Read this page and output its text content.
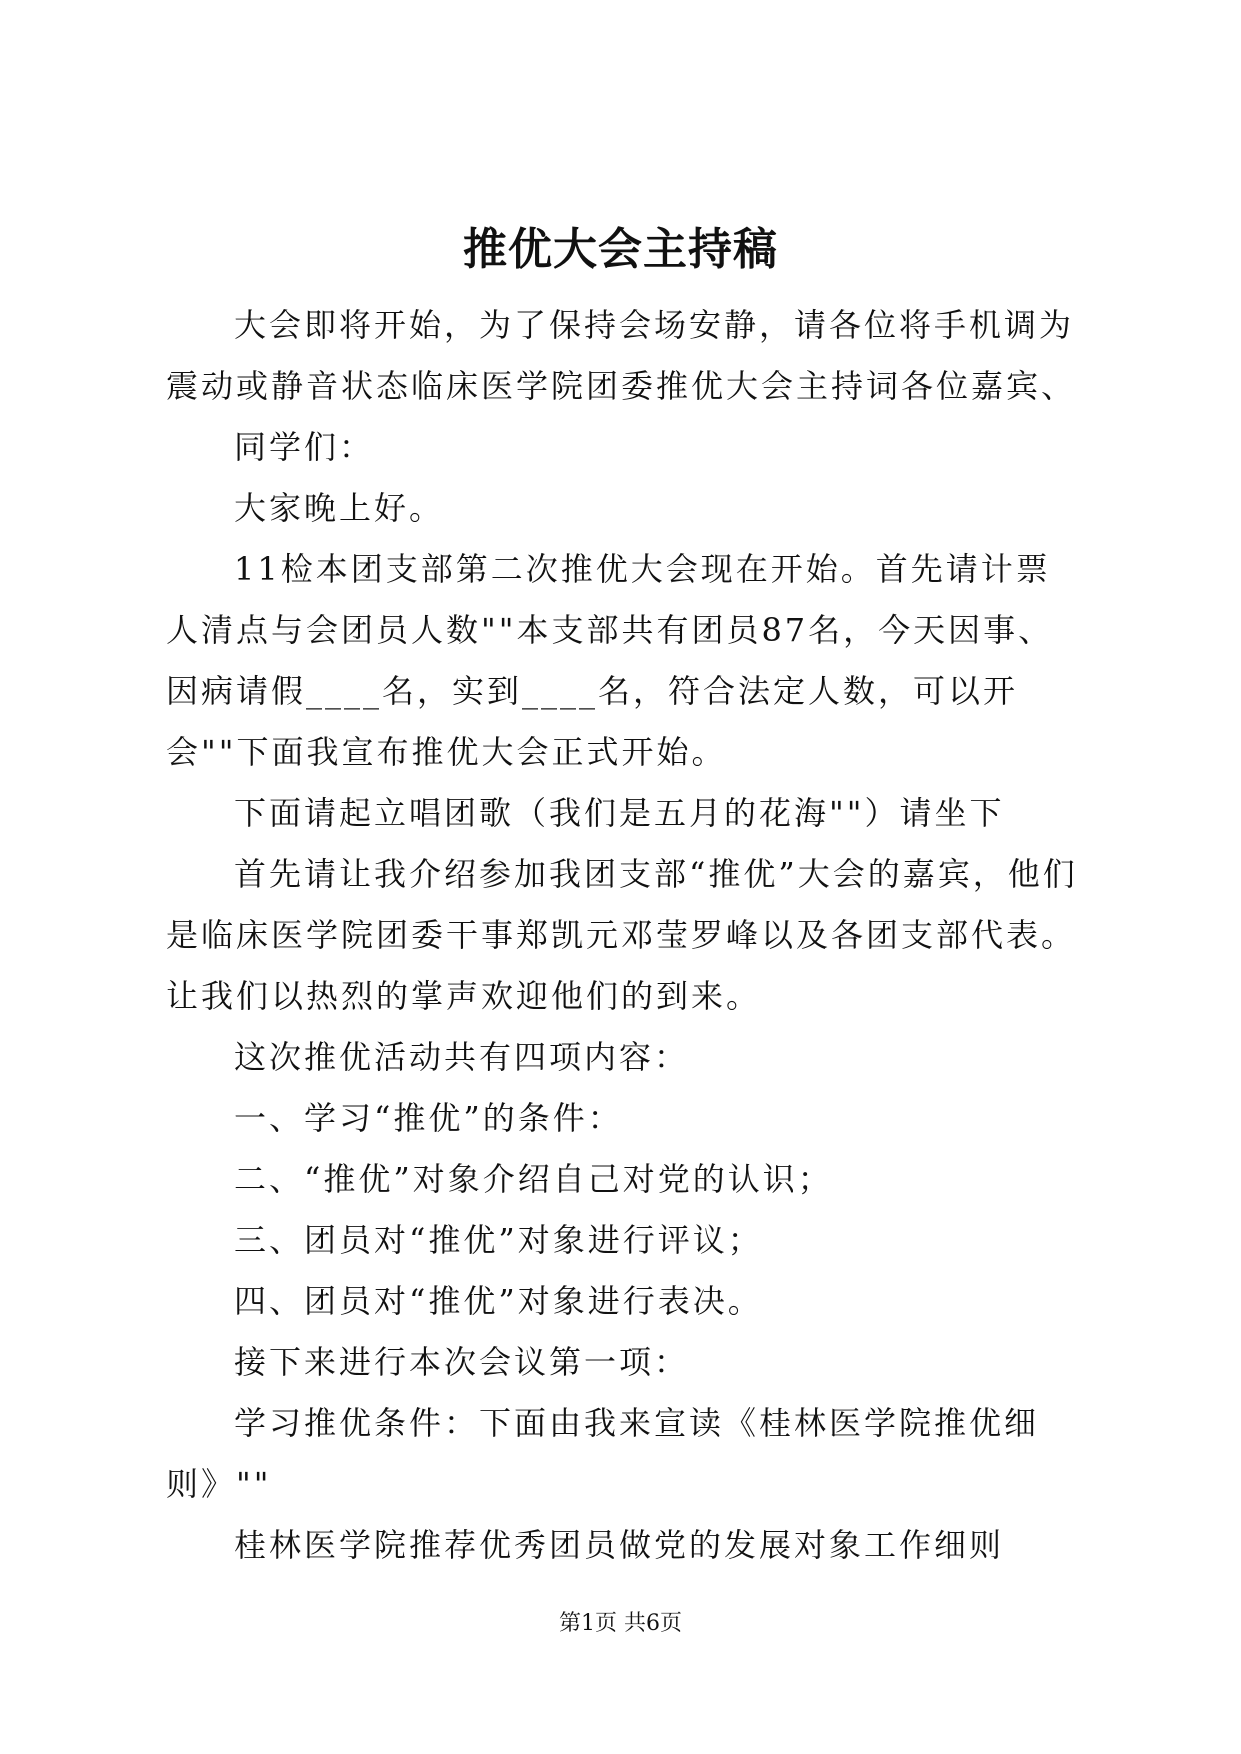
推优大会主持稿

大会即将开始，为了保持会场安静，请各位将手机调为震动或静音状态临床医学院团委推优大会主持词各位嘉宾、

同学们：

大家晚上好。

11检本团支部第二次推优大会现在开始。首先请计票人清点与会团员人数""本支部共有团员87名，今天因事、因病请假____名，实到____名，符合法定人数，可以开会""下面我宣布推优大会正式开始。

下面请起立唱团歌（我们是五月的花海""）请坐下

首先请让我介绍参加我团支部“推优”大会的嘉宾，他们是临床医学院团委干事郑凯元邓莹罗峰以及各团支部代表。让我们以热烈的掌声欢迎他们的到来。

这次推优活动共有四项内容：

一、学习“推优”的条件：

二、“推优”对象介绍自己对党的认识；

三、团员对“推优”对象进行评议；

四、团员对“推优”对象进行表决。

接下来进行本次会议第一项：

学习推优条件：下面由我来宣读《桂林医学院推优细则》""

桂林医学院推荐优秀团员做党的发展对象工作细则

第1页 共6页
